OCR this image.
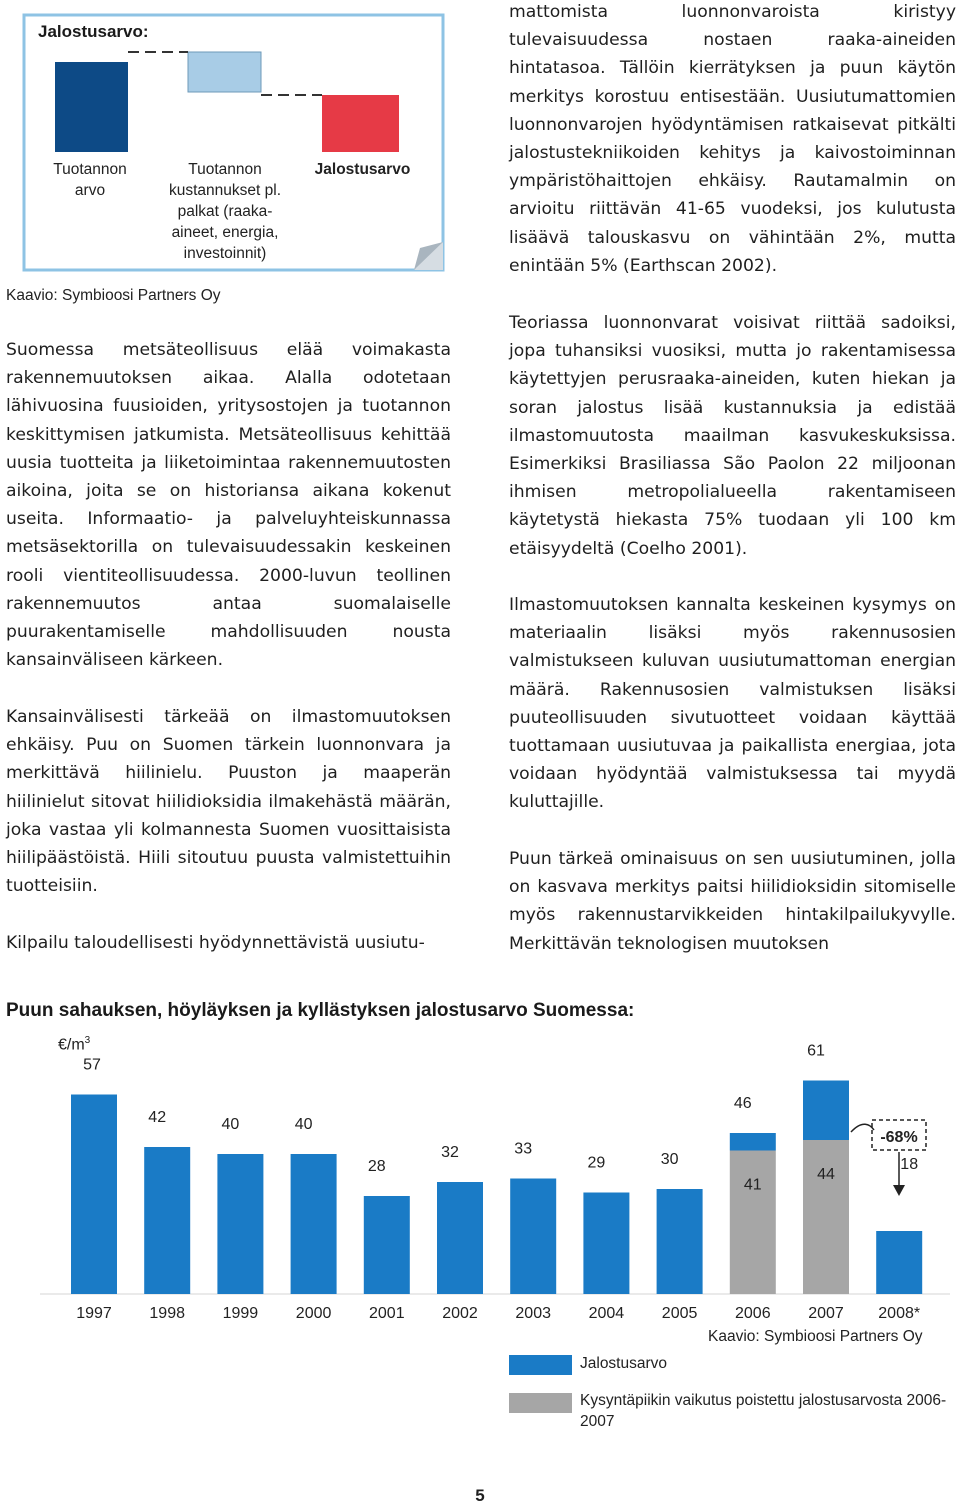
Jalostusarvo:
Tuotannon arvo
Tuotannon kustannukset pl. palkat (raaka-aineet, energia, investoinnit)
Jalostusarvo
Kaavio: Symbioosi Partners Oy

Suomessa metsäteollisuus elää voimakasta rakennemuutoksen aikaa. Alalla odotetaan lähivuosina fuusioiden, yritysostojen ja tuotannon keskittymisen jatkumista. Metsäteollisuus kehittää uusia tuotteita ja liiketoimintaa rakennemuutosten aikoina, joita se on historiansa aikana kokenut useita. Informaatio- ja palveluyhteiskunnassa metsäsektorilla on tulevaisuudessakin keskeinen rooli vientiteollisuudessa. 2000-luvun teollinen rakennemuutos antaa suomalaiselle puurakentamiselle mahdollisuuden nousta kansainväliseen kärkeen.

Kansainvälisesti tärkeää on ilmastomuutoksen ehkäisy. Puu on Suomen tärkein luonnonvara ja merkittävä hiilinielu. Puuston ja maaperän hiilinielut sitovat hiilidioksidia ilmakehästä määrän, joka vastaa yli kolmannesta Suomen vuosittaisista hiilipäästöistä. Hiili sitoutuu puusta valmistettuihin tuotteisiin.

Kilpailu taloudellisesti hyödynnettävistä uusiutu-

mattomista luonnonvaroista kiristyy tulevaisuudessa nostaen raaka-aineiden hintatasoa. Tällöin kierrätyksen ja puun käytön merkitys korostuu entisestään. Uusiutumattomien luonnonvarojen hyödyntämisen ratkaisevat pitkälti jalostustekniikoiden kehitys ja kaivostoiminnan ympäristöhaittojen ehkäisy. Rautamalmin on arvioitu riittävän 41-65 vuodeksi, jos kulutusta lisäävä talouskasvu on vähintään 2%, mutta enintään 5% (Earthscan 2002).

Teoriassa luonnonvarat voisivat riittää sadoiksi, jopa tuhansiksi vuosiksi, mutta jo rakentamisessa käytettyjen perusraaka-aineiden, kuten hiekan ja soran jalostus lisää kustannuksia ja edistää ilmastomuutosta maailman kasvukeskuksissa. Esimerkiksi Brasiliassa São Paolon 22 miljoonan ihmisen metropolialueella rakentamiseen käytetystä hiekasta 75% tuodaan yli 100 km etäisyydeltä (Coelho 2001).

Ilmastomuutoksen kannalta keskeinen kysymys on materiaalin lisäksi myös rakennusosien valmistukseen kuluvan uusiutumattoman energian määrä. Rakennusosien valmistuksen lisäksi puuteollisuuden sivutuotteet voidaan käyttää tuottamaan uusiutuvaa ja paikallista energiaa, jota voidaan hyödyntää valmistuksessa tai myydä kuluttajille.

Puun tärkeä ominaisuus on sen uusiutuminen, jolla on kasvava merkitys paitsi hiilidioksidin sitomiselle myös rakennustarvikkeiden hintakilpailukyvylle. Merkittävän teknologisen muutoksen

Puun sahauksen, höyläyksen ja kyllästyksen jalostusarvo Suomessa:
$€/m^3$
57
42	40	40
28
32	33
29	30
41
46
44
61
18
1997 1998 1999 2000 2001 2002 2003 2004 2005 2006 2007 2008*
-68%
Kaavio: Symbioosi Partners Oy
Jalostusarvo
Kysyntäpiikin vaikutus poistettu jalostusarvosta 2006-2007
5
